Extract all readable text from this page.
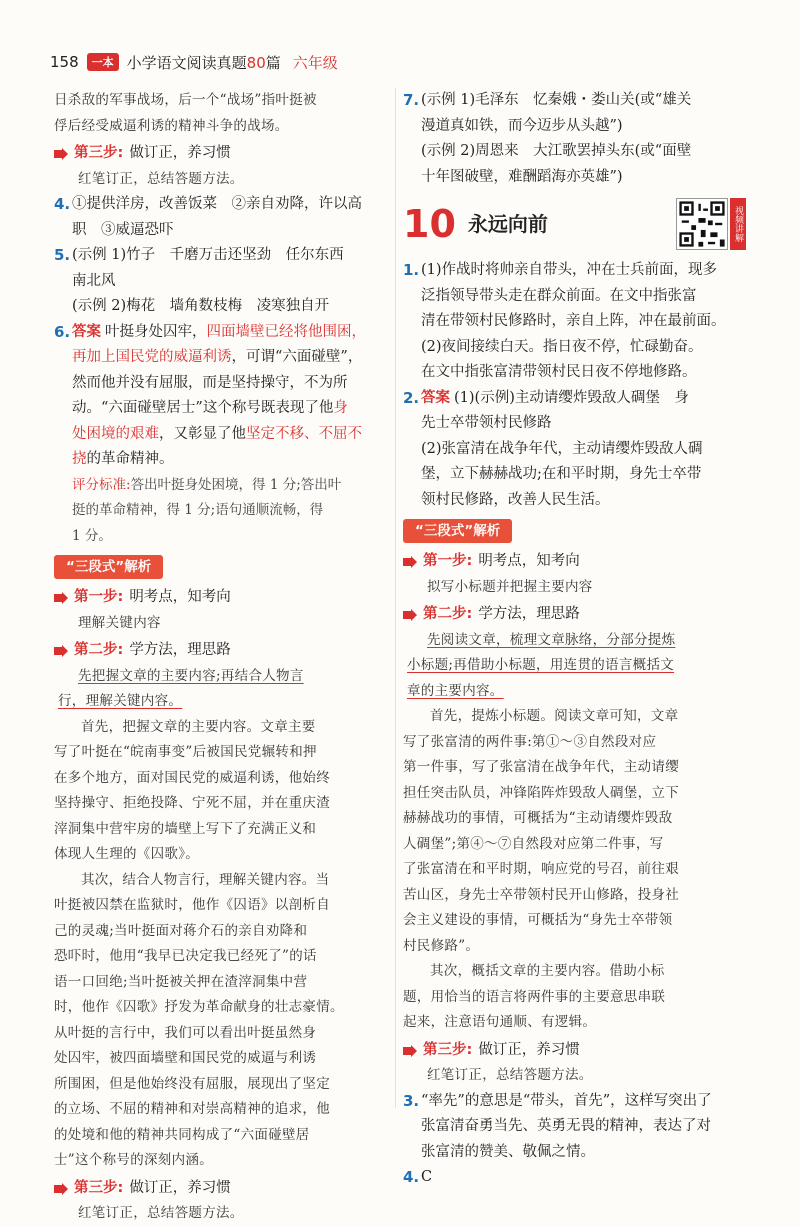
158	一本 小学语文阅读真题80篇 六年级
日杀敌的军事战场，后一个“战场”指叶挺被
俘后经受威逼利诱的精神斗争的战场。
第三步: 做订正，养习惯
红笔订正，总结答题方法。
4. ①提供洋房，改善饭菜　②亲自劝降，许以高
职　③威逼恐吓
5. (示例 1)竹子　千磨万击还坚劲　任尔东西
南北风
(示例 2)梅花　墙角数枝梅　凌寒独自开
6. 答案 叶挺身处囚牢，四面墙壁已经将他围困，
再加上国民党的威逼利诱，可谓“六面碰壁”，
然而他并没有屈服，而是坚持操守，不为所
动。“六面碰壁居士”这个称号既表现了他身
处困境的艰难，又彰显了他坚定不移、不屈不
挠的革命精神。
评分标准:答出叶挺身处困境，得 1 分;答出叶
挺的革命精神，得 1 分;语句通顺流畅，得
1 分。
“三段式”解析
第一步: 明考点，知考向
理解关键内容
第二步: 学方法，理思路
先把握文章的主要内容;再结合人物言
行，理解关键内容。
首先，把握文章的主要内容。文章主要
写了叶挺在“皖南事变”后被国民党辗转和押
在多个地方，面对国民党的威逼利诱，他始终
坚持操守、拒绝投降、宁死不屈，并在重庆渣
滓洞集中营牢房的墙壁上写下了充满正义和
体现人生理的《囚歌》。
其次，结合人物言行，理解关键内容。当
叶挺被囚禁在监狱时，他作《囚语》以剖析自
己的灵魂;当叶挺面对蒋介石的亲自劝降和
恐吓时，他用“我早已决定我已经死了”的话
语一口回绝;当叶挺被关押在渣滓洞集中营
时，他作《囚歌》抒发为革命献身的壮志豪情。
从叶挺的言行中，我们可以看出叶挺虽然身
处囚牢，被四面墙壁和国民党的威逼与利诱
所围困，但是他始终没有屈服，展现出了坚定
的立场、不屈的精神和对崇高精神的追求，他
的处境和他的精神共同构成了“六面碰壁居
士”这个称号的深刻内涵。
第三步: 做订正，养习惯
红笔订正，总结答题方法。
7. (示例 1)毛泽东　忆秦娥・娄山关(或“雄关
漫道真如铁，而今迈步从头越”)
(示例 2)周恩来　大江歌罢掉头东(或“面壁
十年图破壁，难酬蹈海亦英雄”)
10 永远向前	视频讲解
1. (1)作战时将帅亲自带头，冲在士兵前面，现多
泛指领导带头走在群众前面。在文中指张富
清在带领村民修路时，亲自上阵，冲在最前面。
(2)夜间接续白天。指日夜不停，忙碌勤奋。
在文中指张富清带领村民日夜不停地修路。
2. 答案 (1)(示例)主动请缨炸毁敌人碉堡　身
先士卒带领村民修路
(2)张富清在战争年代，主动请缨炸毁敌人碉
堡，立下赫赫战功;在和平时期，身先士卒带
领村民修路，改善人民生活。
“三段式”解析
第一步: 明考点，知考向
拟写小标题并把握主要内容
第二步: 学方法，理思路
先阅读文章，梳理文章脉络，分部分提炼
小标题;再借助小标题，用连贯的语言概括文
章的主要内容。
首先，提炼小标题。阅读文章可知，文章
写了张富清的两件事:第①～③自然段对应
第一件事，写了张富清在战争年代，主动请缨
担任突击队员，冲锋陷阵炸毁敌人碉堡，立下
赫赫战功的事情，可概括为“主动请缨炸毁敌
人碉堡”;第④～⑦自然段对应第二件事，写
了张富清在和平时期，响应党的号召，前往艰
苦山区，身先士卒带领村民开山修路，投身社
会主义建设的事情，可概括为“身先士卒带领
村民修路”。
其次，概括文章的主要内容。借助小标
题，用恰当的语言将两件事的主要意思串联
起来，注意语句通顺、有逻辑。
第三步: 做订正，养习惯
红笔订正，总结答题方法。
3. “率先”的意思是“带头，首先”，这样写突出了
张富清奋勇当先、英勇无畏的精神，表达了对
张富清的赞美、敬佩之情。
4. C
